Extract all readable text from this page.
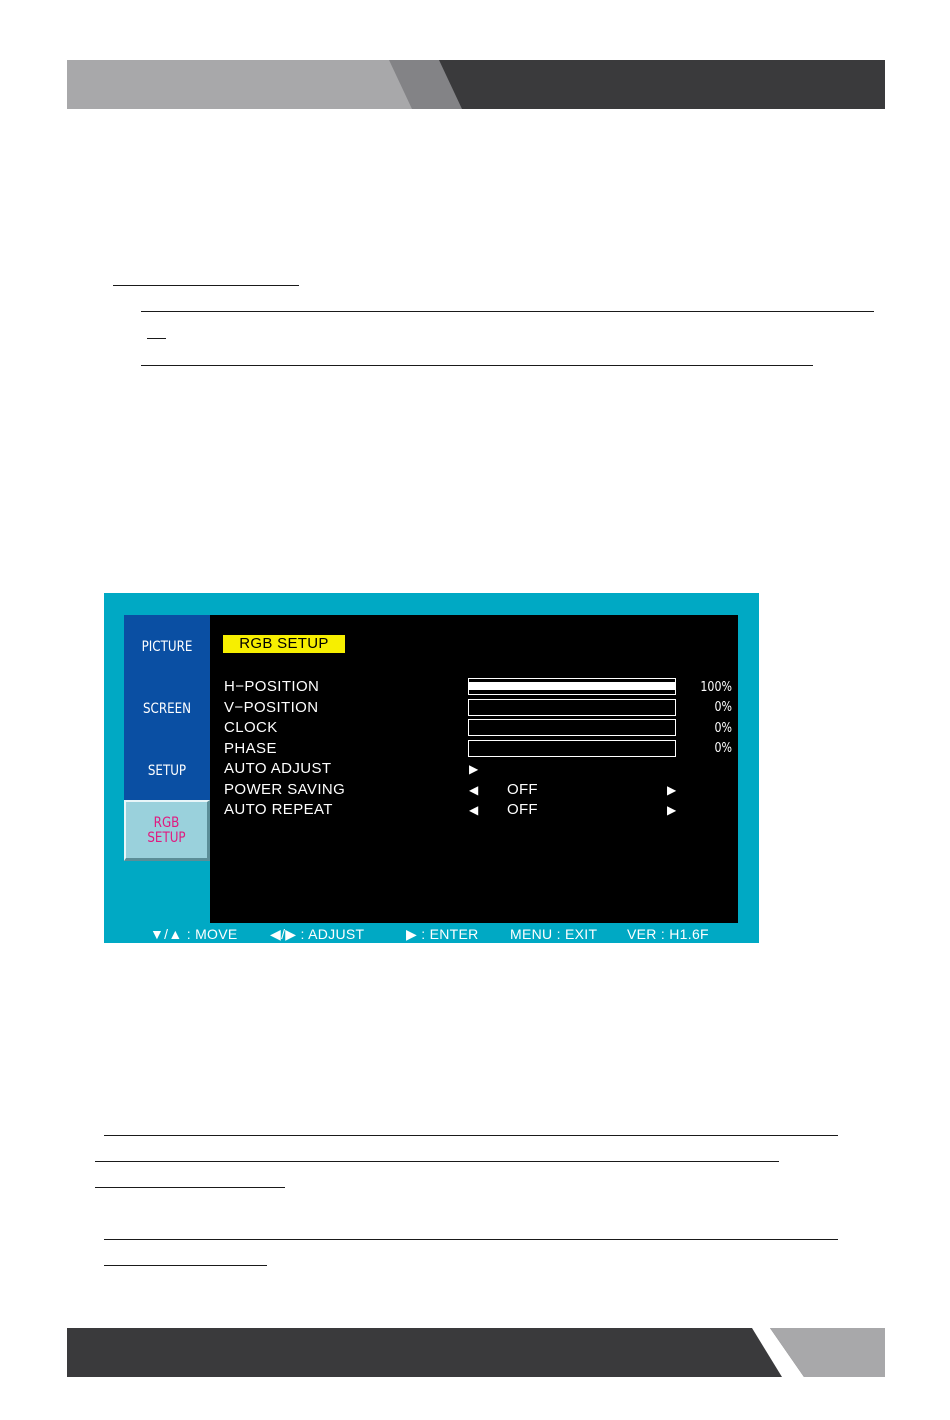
PICTURE
SCREEN
SETUP
RGB
SETUP
RGB SETUP
H−POSITION	100%
V−POSITION	0%
CLOCK	0%
PHASE	0%
AUTO ADJUST	▶
POWER SAVING	◀ OFF	▶
AUTO REPEAT	◀ OFF	▶
▼/▲ : MOVE ◀/▶ : ADJUST	▶ : ENTER MENU : EXIT VER : H1.6F
